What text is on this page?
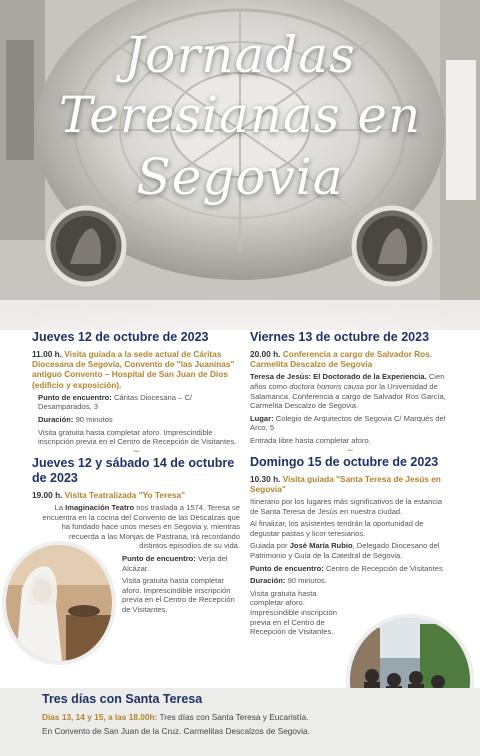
Jornadas
Teresianas en
Segovia
Jueves 12 de octubre de 2023
11.00 h. Visita guiada a la sede actual de Cáritas Diocesana de Segovia, Convento de "las Juaninas" antiguo Convento – Hospital de San Juan de Dios (edificio y exposición).
Punto de encuentro: Cáritas Diocesana – C/ Desamparados, 3
Duración: 90 minutos
Visita gratuita hasta completar aforo. Imprescindible inscripción previa en el Centro de Recepción de Visitantes.
∼
Jueves 12 y sábado 14 de octubre de 2023
19.00 h. Visita Teatralizada "Yo Teresa"
La Imaginación Teatro nos traslada a 1574. Teresa se encuentra en la cocina del Convento de las Descalzas que ha fundado hace unos meses en Segovia y, mientras recuerda a las Monjas de Pastrana, irá recordando distintos episodios de su vida.
Punto de encuentro: Verja del Alcázar.
Visita gratuita hasta completar aforo. Imprescindible inscripción previa en el Centro de Recepción de Visitantes.
Viernes 13 de octubre de 2023
20.00 h. Conferencia a cargo de Salvador Ros. Carmelita Descalzo de Segovia
Teresa de Jesús: El Doctorado de la Experiencia. Cien años como doctora honoris causa por la Universidad de Salamanca. Conferencia a cargo de Salvador Ros García, Carmelita Descalzo de Segovia.
Lugar: Colegio de Arquitectos de Segovia C/ Marqués del Arco, 5
Entrada libre hasta completar aforo.
∼
Domingo 15 de octubre de 2023
10.30 h. Visita guiada "Santa Teresa de Jesús en Segovia"
Itinerario por los lugares más significativos de la estancia de Santa Teresa de Jesús en nuestra ciudad.
Al finalizar, los asistentes tendrán la oportunidad de degustar pastas y licor teresianos.
Guiada por José María Rubio, Delegado Diocesano del Patrimonio y Guía de la Catedral de Segovia.
Punto de encuentro: Centro de Recepción de Visitantes
Duración: 90 minutos.
Visita gratuita hasta completar aforo. Imprescindible inscripción previa en el Centro de Recepción de Visitantes.
Tres días con Santa Teresa
Días 13, 14 y 15, a las 18.00h: Tres días con Santa Teresa y Eucaristía.
En Convento de San Juan de la Cruz. Carmelitas Descalzos de Segovia.
